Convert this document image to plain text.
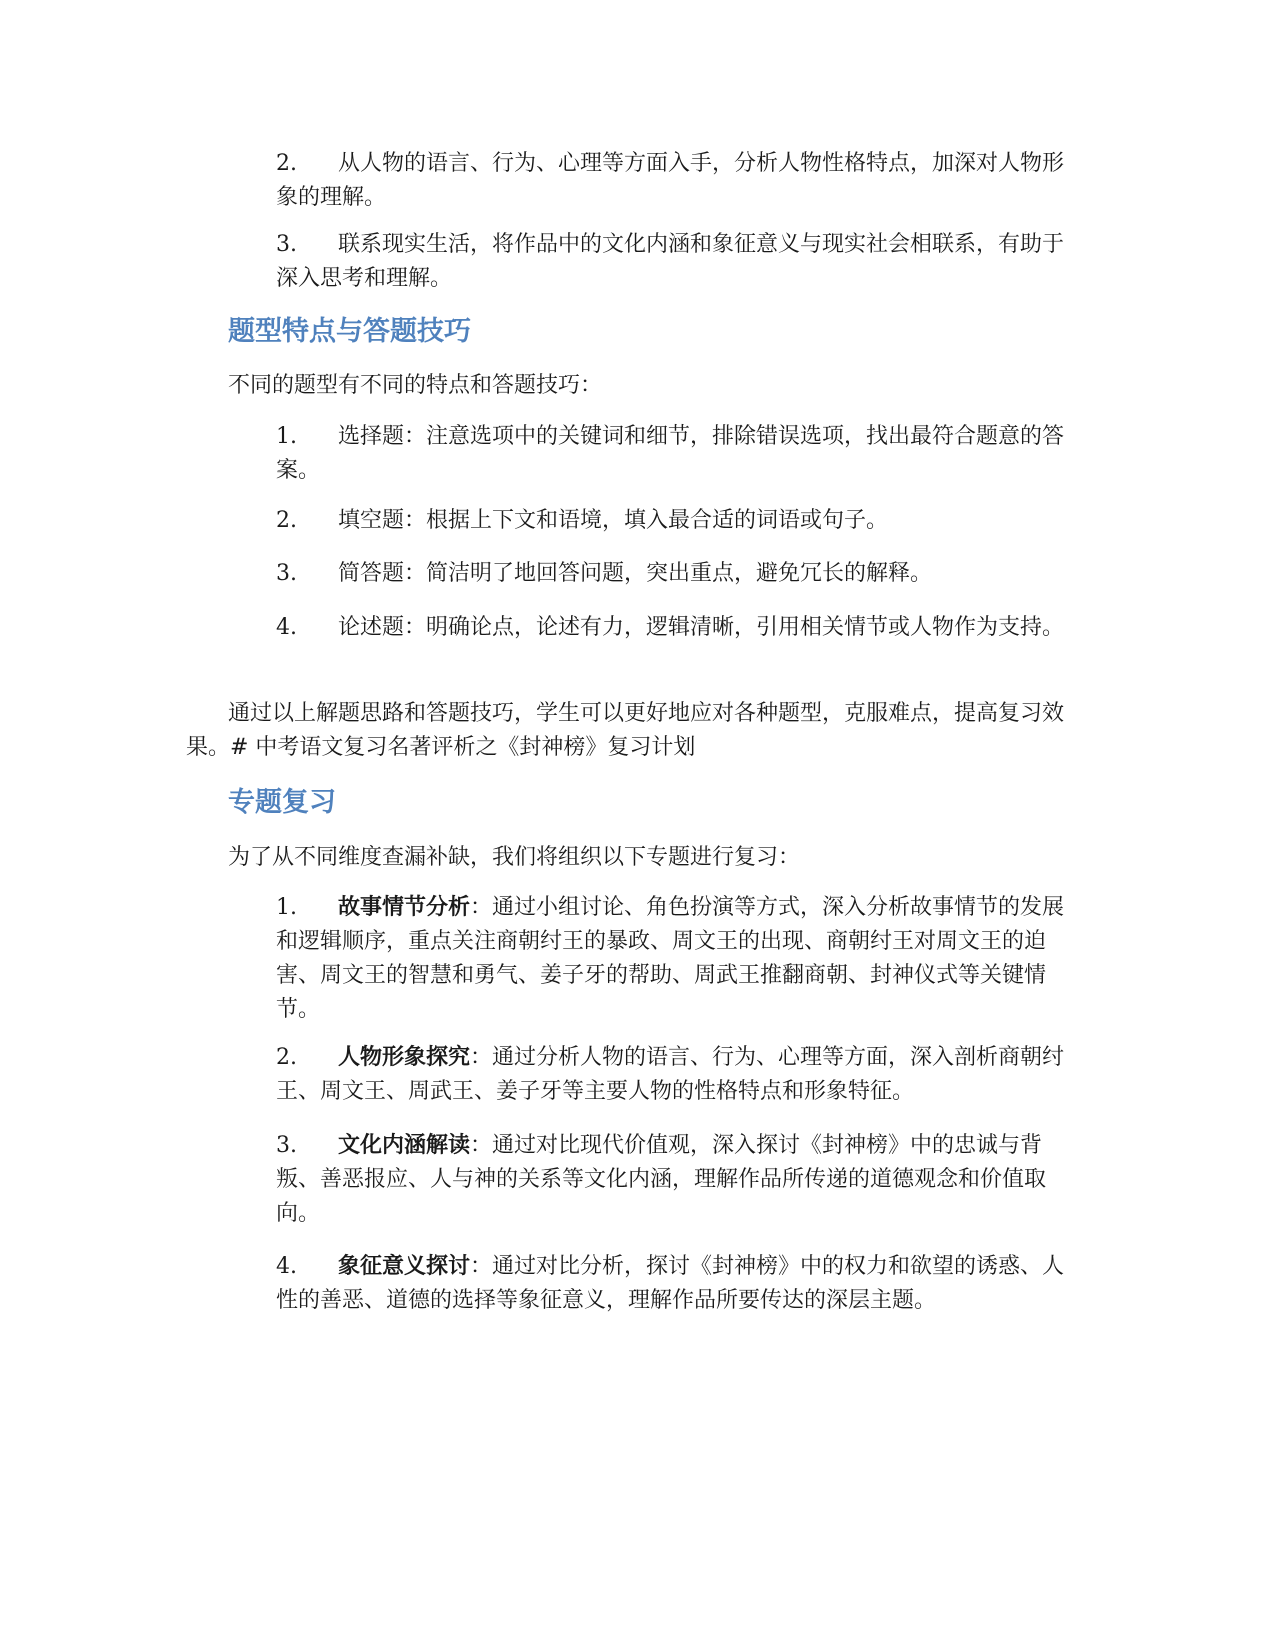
2. 从人物的语言、行为、心理等方面入手，分析人物性格特点，加深对人物形象的理解。
3. 联系现实生活，将作品中的文化内涵和象征意义与现实社会相联系，有助于深入思考和理解。
题型特点与答题技巧
不同的题型有不同的特点和答题技巧：
1. 选择题：注意选项中的关键词和细节，排除错误选项，找出最符合题意的答案。
2. 填空题：根据上下文和语境，填入最合适的词语或句子。
3. 简答题：简洁明了地回答问题，突出重点，避免冗长的解释。
4. 论述题：明确论点，论述有力，逻辑清晰，引用相关情节或人物作为支持。
通过以上解题思路和答题技巧，学生可以更好地应对各种题型，克服难点，提高复习效果。# 中考语文复习名著评析之《封神榜》复习计划
专题复习
为了从不同维度查漏补缺，我们将组织以下专题进行复习：
1. 故事情节分析：通过小组讨论、角色扮演等方式，深入分析故事情节的发展和逻辑顺序，重点关注商朝纣王的暴政、周文王的出现、商朝纣王对周文王的迫害、周文王的智慧和勇气、姜子牙的帮助、周武王推翻商朝、封神仪式等关键情节。
2. 人物形象探究：通过分析人物的语言、行为、心理等方面，深入剖析商朝纣王、周文王、周武王、姜子牙等主要人物的性格特点和形象特征。
3. 文化内涵解读：通过对比现代价值观，深入探讨《封神榜》中的忠诚与背叛、善恶报应、人与神的关系等文化内涵，理解作品所传递的道德观念和价值取向。
4. 象征意义探讨：通过对比分析，探讨《封神榜》中的权力和欲望的诱惑、人性的善恶、道德的选择等象征意义，理解作品所要传达的深层主题。
